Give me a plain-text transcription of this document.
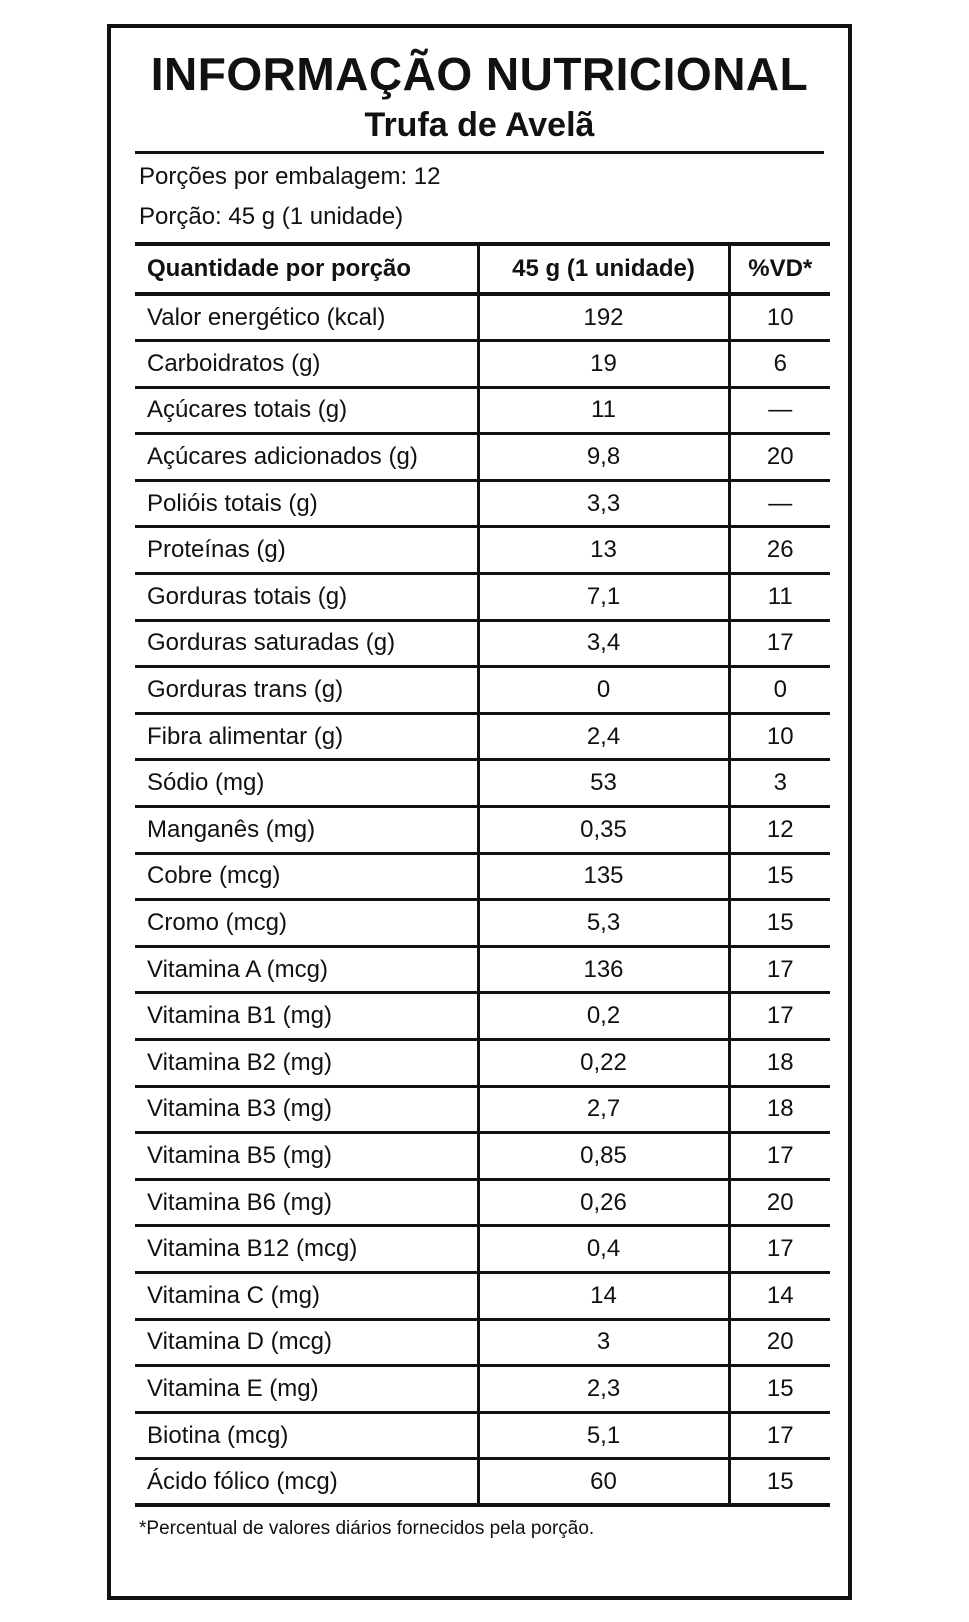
INFORMAÇÃO NUTRICIONAL
Trufa de Avelã
Porções por embalagem: 12
Porção: 45 g (1 unidade)
Quantidade por porção	45 g (1 unidade)	%VD*
Valor energético (kcal)	192	10
Carboidratos (g)	19	6
Açúcares totais (g)	11	—
Açúcares adicionados (g)	9,8	20
Polióis totais (g)	3,3	—
Proteínas (g)	13	26
Gorduras totais (g)	7,1	11
Gorduras saturadas (g)	3,4	17
Gorduras trans (g)	0	0
Fibra alimentar (g)	2,4	10
Sódio (mg)	53	3
Manganês (mg)	0,35	12
Cobre (mcg)	135	15
Cromo (mcg)	5,3	15
Vitamina A (mcg)	136	17
Vitamina B1 (mg)	0,2	17
Vitamina B2 (mg)	0,22	18
Vitamina B3 (mg)	2,7	18
Vitamina B5 (mg)	0,85	17
Vitamina B6 (mg)	0,26	20
Vitamina B12 (mcg)	0,4	17
Vitamina C (mg)	14	14
Vitamina D (mcg)	3	20
Vitamina E (mg)	2,3	15
Biotina (mcg)	5,1	17
Ácido fólico (mcg)	60	15
*Percentual de valores diários fornecidos pela porção.
